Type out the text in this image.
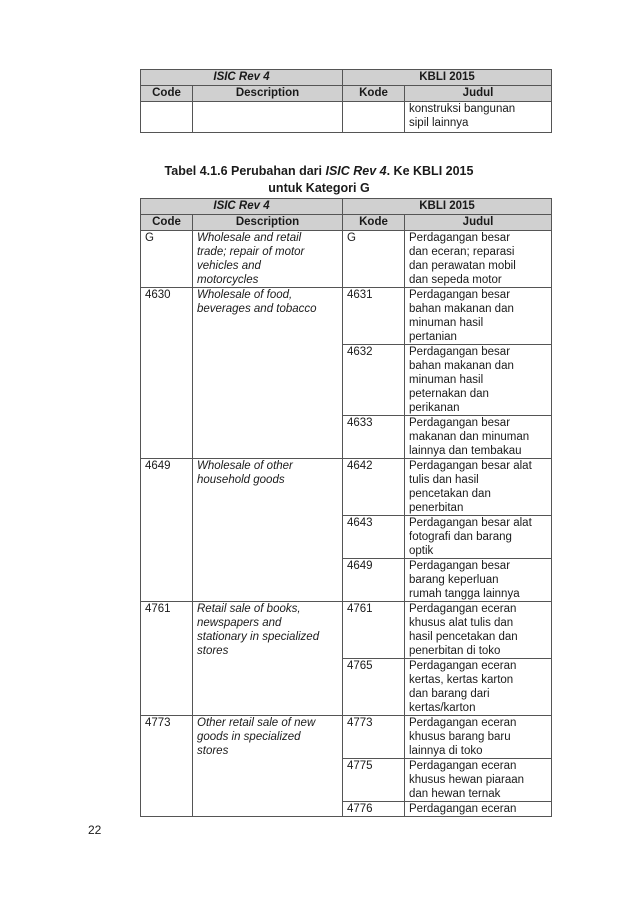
ISIC Rev 4		KBLI 2015	
Code	Description	Kode	Judul
			konstruksi bangunan
sipil lainnya
Tabel 4.1.6 Perubahan dari ISIC Rev 4. Ke KBLI 2015
untuk Kategori G
ISIC Rev 4		KBLI 2015	
Code	Description	Kode	Judul
G	Wholesale and retail
trade; repair of motor
vehicles and
motorcycles	G	Perdagangan besar
dan eceran; reparasi
dan perawatan mobil
dan sepeda motor
4630	Wholesale of food,
beverages and tobacco	4631	Perdagangan besar
bahan makanan dan
minuman hasil
pertanian
		4632	Perdagangan besar
bahan makanan dan
minuman hasil
peternakan dan
perikanan
		4633	Perdagangan besar
makanan dan minuman
lainnya dan tembakau
4649	Wholesale of other
household goods	4642	Perdagangan besar alat
tulis dan hasil
pencetakan dan
penerbitan
		4643	Perdagangan besar alat
fotografi dan barang
optik
		4649	Perdagangan besar
barang keperluan
rumah tangga lainnya
4761	Retail sale of books,
newspapers and
stationary in specialized
stores	4761	Perdagangan eceran
khusus alat tulis dan
hasil pencetakan dan
penerbitan di toko
		4765	Perdagangan eceran
kertas, kertas karton
dan barang dari
kertas/karton
4773	Other retail sale of new
goods in specialized
stores	4773	Perdagangan eceran
khusus barang baru
lainnya di toko
		4775	Perdagangan eceran
khusus hewan piaraan
dan hewan ternak
		4776	Perdagangan eceran
22
